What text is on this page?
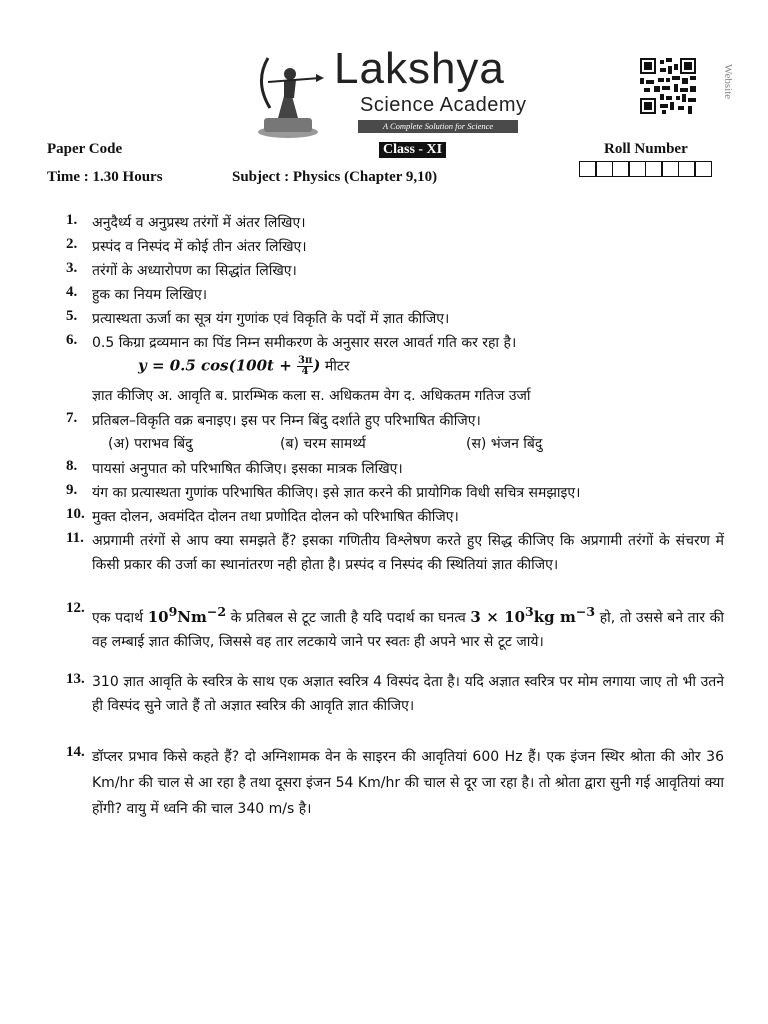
Lakshya
Science Academy
A Complete Solution for Science
Website
Paper Code	Class - XI	Roll Number
Time : 1.30 Hours	Subject : Physics (Chapter 9,10)
1. अनुदैर्ध्य व अनुप्रस्थ तरंगों में अंतर लिखिए।
2. प्रस्पंद व निस्पंद में कोई तीन अंतर लिखिए।
3. तरंगों के अध्यारोपण का सिद्धांत लिखिए।
4. हुक का नियम लिखिए।
5. प्रत्यास्थता ऊर्जा का सूत्र यंग गुणांक एवं विकृति के पदों में ज्ञात कीजिए।
6. 0.5 किग्रा द्रव्यमान का पिंड निम्न समीकरण के अनुसार सरल आवर्त गति कर रहा है।
y = 0.5 $\cos(100t + \frac{3\pi}{4}$ ) मीटर
ज्ञात कीजिए अ. आवृति ब. प्रारम्भिक कला स. अधिकतम वेग द. अधिकतम गतिज उर्जा
7. प्रतिबल–विकृति वक्र बनाइए। इस पर निम्न बिंदु दर्शाते हुए परिभाषित कीजिए।
(अ) पराभव बिंदु	(ब) चरम सामर्थ्य	(स) भंजन बिंदु
8. पायसां अनुपात को परिभाषित कीजिए। इसका मात्रक लिखिए।
9. यंग का प्रत्यास्थता गुणांक परिभाषित कीजिए। इसे ज्ञात करने की प्रायोगिक विधी सचित्र समझाइए।
10. मुक्त दोलन, अवमंदित दोलन तथा प्रणोदित दोलन को परिभाषित कीजिए।
11. अप्रगामी तरंगों से आप क्या समझते हैं? इसका गणितीय विश्लेषण करते हुए सिद्ध कीजिए कि अप्रगामी तरंगों के संचरण में किसी प्रकार की उर्जा का स्थानांतरण नही होता है। प्रस्पंद व निस्पंद की स्थितियां ज्ञात कीजिए।
12.
एक पदार्थ $10^9Nm^{-2}$ के प्रतिबल से टूट जाती है यदि पदार्थ का घनत्व $3 \times 10^3kg$ $m^{-3}$ हो, तो उससे बने तार की वह लम्बाई ज्ञात कीजिए, जिससे वह तार लटकाये जाने पर स्वतः ही अपने भार से टूट जाये।
13. 310 ज्ञात आवृति के स्वरित्र के साथ एक अज्ञात स्वरित्र 4 विस्पंद देता है। यदि अज्ञात स्वरित्र पर मोम लगाया जाए तो भी उतने ही विस्पंद सुने जाते हैं तो अज्ञात स्वरित्र की आवृति ज्ञात कीजिए।
14. डॉप्लर प्रभाव किसे कहते हैं? दो अग्निशामक वेन के साइरन की आवृतियां 600 Hz हैं। एक इंजन स्थिर श्रोता की ओर 36 Km/hr की चाल से आ रहा है तथा दूसरा इंजन 54 Km/hr की चाल से दूर जा रहा है। तो श्रोता द्वारा सुनी गई आवृतियां क्या होंगी? वायु में ध्वनि की चाल 340 m/s है।
